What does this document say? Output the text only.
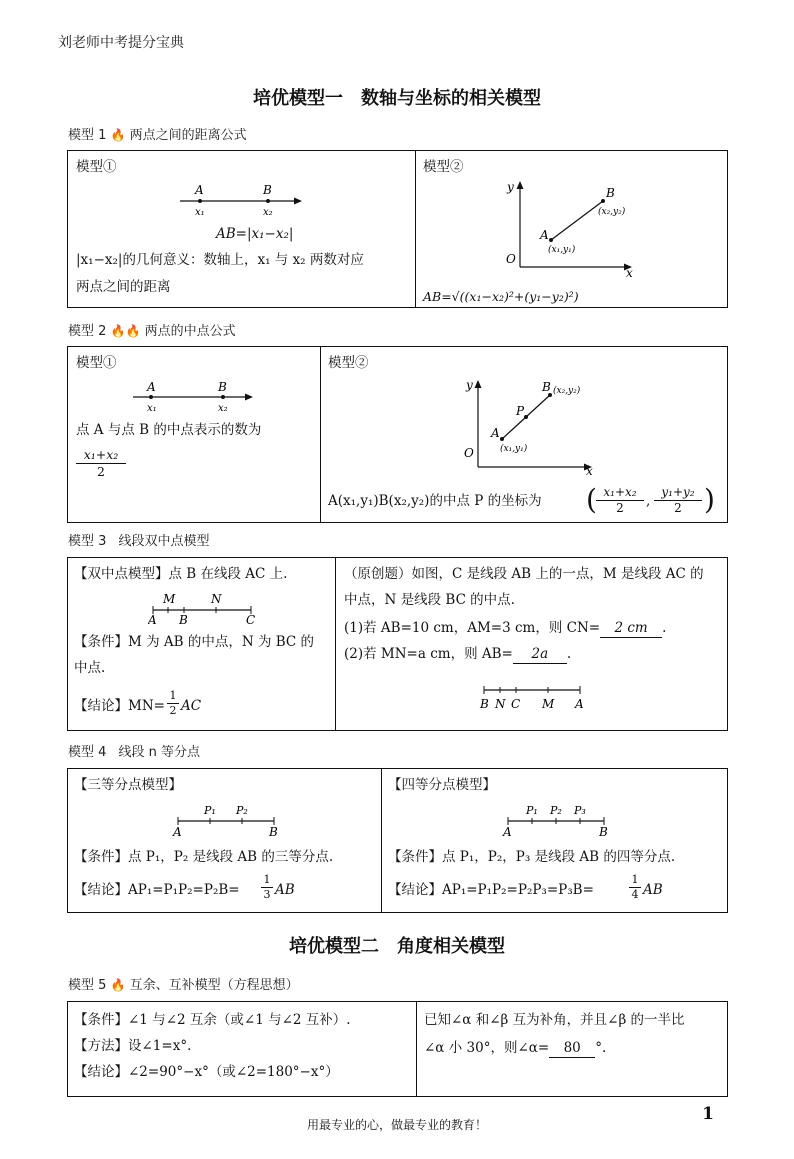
刘老师中考提分宝典
培优模型一　数轴与坐标的相关模型
模型 1 🔥 两点之间的距离公式
模型①
A	B
x₁	x₂
AB=|x₁−x₂|
|x₁−x₂|的几何意义：数轴上，x₁ 与 x₂ 两数对应
两点之间的距离
模型②
y
x
O
A
B
(x₁,y₁)
(x₂,y₂)
AB=√((x₁−x₂)²+(y₁−y₂)²)
模型 2 🔥🔥 两点的中点公式
模型①
A	B
x₁	x₂
点 A 与点 B 的中点表示的数为
$\frac{\text{x₁+x₂}}{2}$
模型②
y
x
O
A
P
B
(x₁,y₁)
(x₂,y₂)
A(x₁,y₁)B(x₂,y₂)的中点 P 的坐标为 ( $\frac{\text{x₁+x₂}}{2}$ , $\frac{\text{y₁+y₂}}{2}$ )
模型 3 线段双中点模型
【双中点模型】点 B 在线段 AC 上.
M	N
A B	C
【条件】M 为 AB 的中点，N 为 BC 的
中点.
【结论】$MN= \frac{1}{2}$ AC
（原创题）如图，C 是线段 AB 上的一点，M 是线段 AC 的
中点，N 是线段 BC 的中点.
(1)若 AB=10 cm，AM=3 cm，则 CN= 2 cm .
(2)若 MN=a cm，则 AB= 2a .
B N C M A
模型 4 线段 n 等分点
【三等分点模型】
P₁ P₂
A	B
【条件】点 P₁，P₂ 是线段 AB 的三等分点.
【结论】$AP_1=P_1P_2=P_2B= \frac{1}{3}$ AB
【四等分点模型】
P₁ P₂ P₃
A	B
【条件】点 P₁，P₂，P₃ 是线段 AB 的四等分点.
【结论】AP₁=P₁P₂=P₂P₃=P₃B=	$\frac{1}{4}$ AB
培优模型二　角度相关模型
模型 5 🔥 互余、互补模型（方程思想）
【条件】∠1 与∠2 互余（或∠1 与∠2 互补）.
【方法】设∠1=x°.
【结论】∠2=90°−x°（或∠2=180°−x°）
已知∠α 和∠β 互为补角，并且∠β 的一半比
∠α 小 30°，则∠α= 80 °.
用最专业的心，做最专业的教育！
1
